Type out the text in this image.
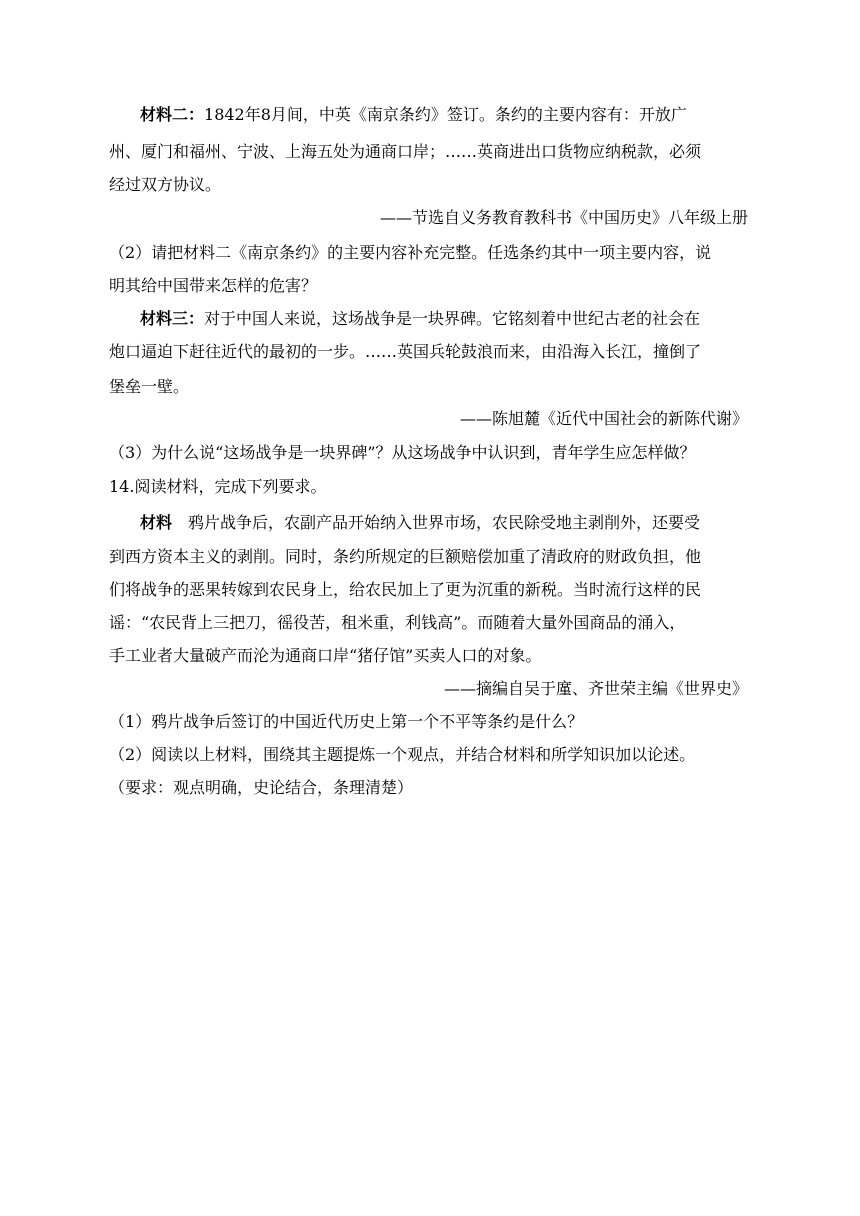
材料二：1842年8月间，中英《南京条约》签订。条约的主要内容有：开放广
州、厦门和福州、宁波、上海五处为通商口岸；……英商进出口货物应纳税款，必须
经过双方协议。
——节选自义务教育教科书《中国历史》八年级上册
（2）请把材料二《南京条约》的主要内容补充完整。任选条约其中一项主要内容，说
明其给中国带来怎样的危害？
材料三：对于中国人来说，这场战争是一块界碑。它铭刻着中世纪古老的社会在
炮口逼迫下赶往近代的最初的一步。……英国兵轮鼓浪而来，由沿海入长江，撞倒了
堡垒一壁。
——陈旭麓《近代中国社会的新陈代谢》
（3）为什么说“这场战争是一块界碑”？从这场战争中认识到，青年学生应怎样做？
14.阅读材料，完成下列要求。
材料 鸦片战争后，农副产品开始纳入世界市场，农民除受地主剥削外，还要受
到西方资本主义的剥削。同时，条约所规定的巨额赔偿加重了清政府的财政负担，他
们将战争的恶果转嫁到农民身上，给农民加上了更为沉重的新税。当时流行这样的民
谣：“农民背上三把刀，徭役苦，租米重，利钱高”。而随着大量外国商品的涌入，
手工业者大量破产而沦为通商口岸“猪仔馆”买卖人口的对象。
——摘编自吴于廑、齐世荣主编《世界史》
（1）鸦片战争后签订的中国近代历史上第一个不平等条约是什么？
（2）阅读以上材料，围绕其主题提炼一个观点，并结合材料和所学知识加以论述。
（要求：观点明确，史论结合，条理清楚）
